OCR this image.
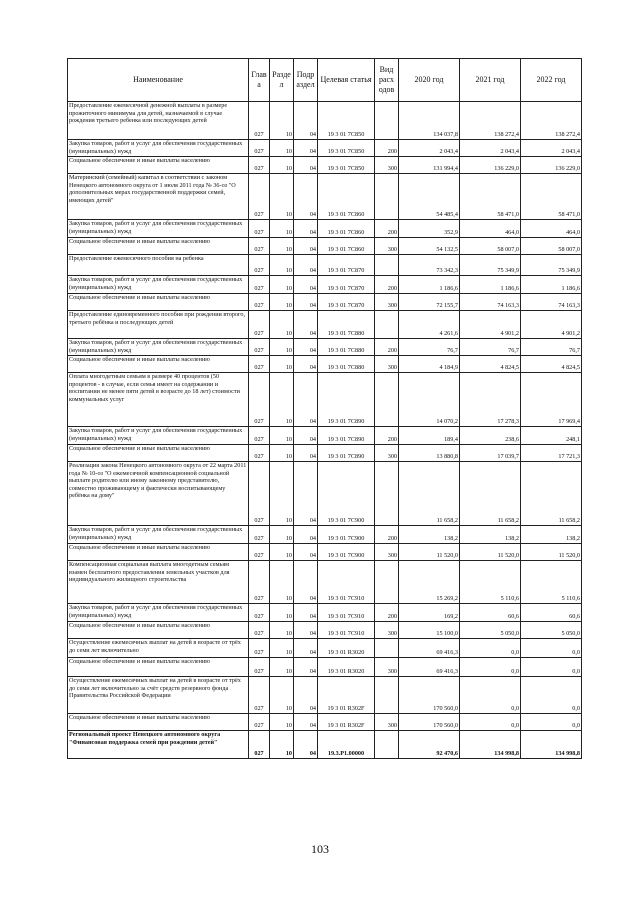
Наименование	Глав а	Разде л	Подр аздел	Целевая статья	Вид расх одов	2020 год	2021 год	2022 год
Предоставление ежемесячной денежной выплаты в размере прожиточного минимума для детей, назначаемой в случае рождения третьего ребенка или последующих детей	027	10	04	19 3 01 7С850		134 037,8	138 272,4	138 272,4
Закупка товаров, работ и услуг для обеспечения государственных (муниципальных) нужд	027	10	04	19 3 01 7С850	200	2 043,4	2 043,4	2 043,4
Социальное обеспечение и иные выплаты населению	027	10	04	19 3 01 7С850	300	131 994,4	136 229,0	136 229,0
Материнский (семейный) капитал в соответствии с законом Ненецкого автономного округа от 1 июля 2011 года № 36-оз "О дополнительных мерах государственной поддержки семей, имеющих детей"	027	10	04	19 3 01 7С860		54 485,4	58 471,0	58 471,0
Закупка товаров, работ и услуг для обеспечения государственных (муниципальных) нужд	027	10	04	19 3 01 7С860	200	352,9	464,0	464,0
Социальное обеспечение и иные выплаты населению	027	10	04	19 3 01 7С860	300	54 132,5	58 007,0	58 007,0
Предоставление ежемесячного пособия на ребенка	027	10	04	19 3 01 7С870		73 342,3	75 349,9	75 349,9
Закупка товаров, работ и услуг для обеспечения государственных (муниципальных) нужд	027	10	04	19 3 01 7С870	200	1 186,6	1 186,6	1 186,6
Социальное обеспечение и иные выплаты населению	027	10	04	19 3 01 7С870	300	72 155,7	74 163,3	74 163,3
Предоставление единовременного пособия при рождении второго, третьего ребёнка и последующих детей	027	10	04	19 3 01 7С880		4 261,6	4 901,2	4 901,2
Закупка товаров, работ и услуг для обеспечения государственных (муниципальных) нужд	027	10	04	19 3 01 7С880	200	76,7	76,7	76,7
Социальное обеспечение и иные выплаты населению	027	10	04	19 3 01 7С880	300	4 184,9	4 824,5	4 824,5
Оплата многодетным семьям в размере 40 процентов (50 процентов - в случае, если семья имеет на содержании и воспитании не менее пяти детей в возрасте до 18 лет) стоимости коммунальных услуг	027	10	04	19 3 01 7С890		14 070,2	17 278,3	17 969,4
Закупка товаров, работ и услуг для обеспечения государственных (муниципальных) нужд	027	10	04	19 3 01 7С890	200	189,4	238,6	248,1
Социальное обеспечение и иные выплаты населению	027	10	04	19 3 01 7С890	300	13 880,8	17 039,7	17 721,3
Реализация закона Ненецкого автономного округа от 22 марта 2011 года № 10-оз "О ежемесячной компенсационной социальной выплате родителю или иному законному представителю, совместно проживающему и фактически воспитывающему ребёнка на дому"	027	10	04	19 3 01 7С900		11 658,2	11 658,2	11 658,2
Закупка товаров, работ и услуг для обеспечения государственных (муниципальных) нужд	027	10	04	19 3 01 7С900	200	138,2	138,2	138,2
Социальное обеспечение и иные выплаты населению	027	10	04	19 3 01 7С900	300	11 520,0	11 520,0	11 520,0
Компенсационная социальная выплата многодетным семьям взамен бесплатного предоставления земельных участков для индивидуального жилищного строительства	027	10	04	19 3 01 7С910		15 269,2	5 110,6	5 110,6
Закупка товаров, работ и услуг для обеспечения государственных (муниципальных) нужд	027	10	04	19 3 01 7С910	200	169,2	60,6	60,6
Социальное обеспечение и иные выплаты населению	027	10	04	19 3 01 7С910	300	15 100,0	5 050,0	5 050,0
Осуществление ежемесячных выплат на детей в возрасте от трёх до семи лет включительно	027	10	04	19 3 01 R3020		69 416,3	0,0	0,0
Социальное обеспечение и иные выплаты населению	027	10	04	19 3 01 R3020	300	69 416,3	0,0	0,0
Осуществление ежемесячных выплат на детей в возрасте от трёх до семи лет включительно за счёт средств резервного фонда Правительства Российской Федерации	027	10	04	19 3 01 R302F		170 560,0	0,0	0,0
Социальное обеспечение и иные выплаты населению	027	10	04	19 3 01 R302F	300	170 560,0	0,0	0,0
Региональный проект Ненецкого автономного округа "Финансовая поддержка семей при рождении детей"	027	10	04	19.3.P1.00000		92 470,6	134 998,8	134 998,8
103
